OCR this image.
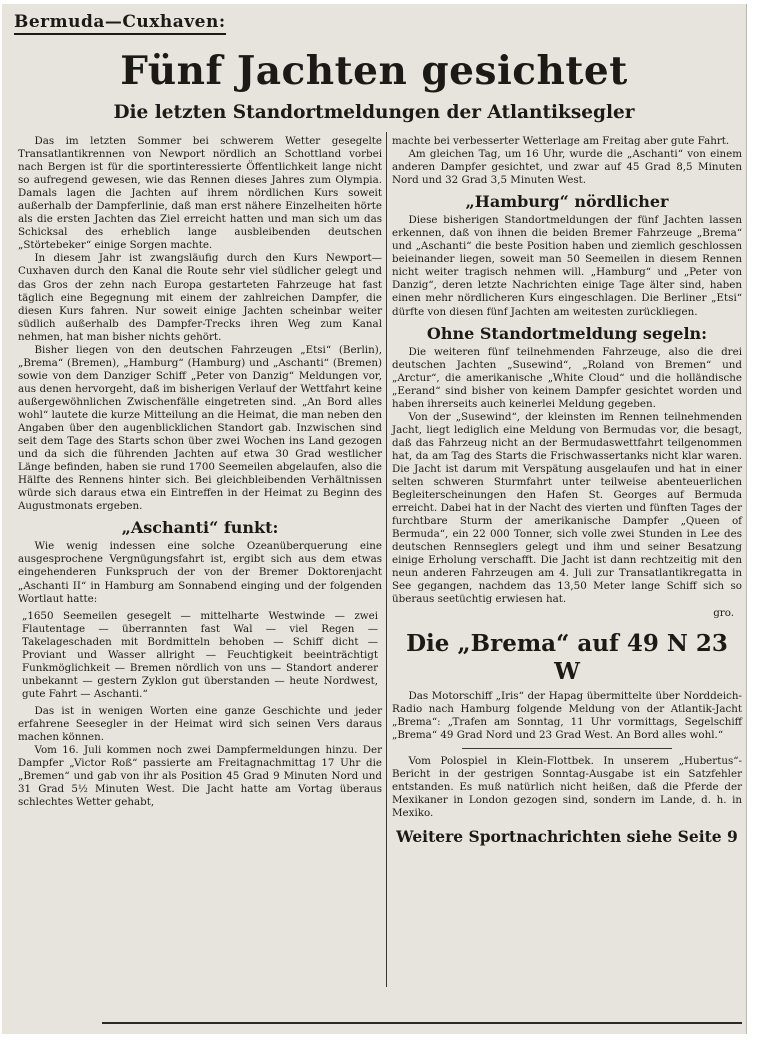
Bermuda—Cuxhaven:
Fünf Jachten gesichtet
Die letzten Standortmeldungen der Atlantiksegler

Das im letzten Sommer bei schwerem Wetter gesegelte Transatlantikrennen von Newport nördlich an Schottland vorbei nach Bergen ist für die sportinteressierte Öffentlichkeit lange nicht so aufregend gewesen, wie das Rennen dieses Jahres zum Olympia. Damals lagen die Jachten auf ihrem nördlichen Kurs soweit außerhalb der Dampferlinie, daß man erst nähere Einzelheiten hörte als die ersten Jachten das Ziel erreicht hatten und man sich um das Schicksal des erheblich lange ausbleibenden deutschen „Störtebeker“ einige Sorgen machte.

In diesem Jahr ist zwangsläufig durch den Kurs Newport—Cuxhaven durch den Kanal die Route sehr viel südlicher gelegt und das Gros der zehn nach Europa gestarteten Fahrzeuge hat fast täglich eine Begegnung mit einem der zahlreichen Dampfer, die diesen Kurs fahren. Nur soweit einige Jachten scheinbar weiter südlich außerhalb des Dampfer-Trecks ihren Weg zum Kanal nehmen, hat man bisher nichts gehört.

Bisher liegen von den deutschen Fahrzeugen „Etsi“ (Berlin), „Brema“ (Bremen), „Hamburg“ (Hamburg) und „Aschanti“ (Bremen) sowie von dem Danziger Schiff „Peter von Danzig“ Meldungen vor, aus denen hervorgeht, daß im bisherigen Verlauf der Wettfahrt keine außergewöhnlichen Zwischenfälle eingetreten sind. „An Bord alles wohl“ lautete die kurze Mitteilung an die Heimat, die man neben den Angaben über den augenblicklichen Standort gab. Inzwischen sind seit dem Tage des Starts schon über zwei Wochen ins Land gezogen und da sich die führenden Jachten auf etwa 30 Grad westlicher Länge befinden, haben sie rund 1700 Seemeilen abgelaufen, also die Hälfte des Rennens hinter sich. Bei gleichbleibenden Verhältnissen würde sich daraus etwa ein Eintreffen in der Heimat zu Beginn des Augustmonats ergeben.

„Aschanti“ funkt:

Wie wenig indessen eine solche Ozeanüberquerung eine ausgesprochene Vergnügungsfahrt ist, ergibt sich aus dem etwas eingehenderen Funkspruch der von der Bremer Doktorenjacht „Aschanti II“ in Hamburg am Sonnabend einging und der folgenden Wortlaut hatte:

„1650 Seemeilen gesegelt — mittelharte Westwinde — zwei Flautentage — überrannten fast Wal — viel Regen — Takelageschaden mit Bordmitteln behoben — Schiff dicht — Proviant und Wasser allright — Feuchtigkeit beeinträchtigt Funkmöglichkeit — Bremen nördlich von uns — Standort anderer unbekannt — gestern Zyklon gut überstanden — heute Nordwest, gute Fahrt — Aschanti.“

Das ist in wenigen Worten eine ganze Geschichte und jeder erfahrene Seesegler in der Heimat wird sich seinen Vers daraus machen können.

Vom 16. Juli kommen noch zwei Dampfermeldungen hinzu. Der Dampfer „Victor Roß“ passierte am Freitagnachmittag 17 Uhr die „Bremen“ und gab von ihr als Position 45 Grad 9 Minuten Nord und 31 Grad 5½ Minuten West. Die Jacht hatte am Vortag überaus schlechtes Wetter gehabt,

machte bei verbesserter Wetterlage am Freitag aber gute Fahrt.

Am gleichen Tag, um 16 Uhr, wurde die „Aschanti“ von einem anderen Dampfer gesichtet, und zwar auf 45 Grad 8,5 Minuten Nord und 32 Grad 3,5 Minuten West.

„Hamburg“ nördlicher

Diese bisherigen Standortmeldungen der fünf Jachten lassen erkennen, daß von ihnen die beiden Bremer Fahrzeuge „Brema“ und „Aschanti“ die beste Position haben und ziemlich geschlossen beieinander liegen, soweit man 50 Seemeilen in diesem Rennen nicht weiter tragisch nehmen will. „Hamburg“ und „Peter von Danzig“, deren letzte Nachrichten einige Tage älter sind, haben einen mehr nördlicheren Kurs eingeschlagen. Die Berliner „Etsi“ dürfte von diesen fünf Jachten am weitesten zurückliegen.

Ohne Standortmeldung segeln:

Die weiteren fünf teilnehmenden Fahrzeuge, also die drei deutschen Jachten „Susewind“, „Roland von Bremen“ und „Arctur“, die amerikanische „White Cloud“ und die holländische „Eerand“ sind bisher von keinem Dampfer gesichtet worden und haben ihrerseits auch keinerlei Meldung gegeben.

Von der „Susewind“, der kleinsten im Rennen teilnehmenden Jacht, liegt lediglich eine Meldung von Bermudas vor, die besagt, daß das Fahrzeug nicht an der Bermudaswettfahrt teilgenommen hat, da am Tag des Starts die Frischwassertanks nicht klar waren. Die Jacht ist darum mit Verspätung ausgelaufen und hat in einer selten schweren Sturmfahrt unter teilweise abenteuerlichen Begleiterscheinungen den Hafen St. Georges auf Bermuda erreicht. Dabei hat in der Nacht des vierten und fünften Tages der furchtbare Sturm der amerikanische Dampfer „Queen of Bermuda“, ein 22 000 Tonner, sich volle zwei Stunden in Lee des deutschen Rennseglers gelegt und ihm und seiner Besatzung einige Erholung verschafft. Die Jacht ist dann rechtzeitig mit den neun anderen Fahrzeugen am 4. Juli zur Transatlantikregatta in See gegangen, nachdem das 13,50 Meter lange Schiff sich so überaus seetüchtig erwiesen hat.

gro.
Die „Brema“ auf 49 N 23 W

Das Motorschiff „Iris“ der Hapag übermittelte über Norddeich-Radio nach Hamburg folgende Meldung von der Atlantik-Jacht „Brema“: „Trafen am Sonntag, 11 Uhr vormittags, Segelschiff „Brema“ 49 Grad Nord und 23 Grad West. An Bord alles wohl.“

Vom Polospiel in Klein-Flottbek. In unserem „Hubertus“-Bericht in der gestrigen Sonntag-Ausgabe ist ein Satzfehler entstanden. Es muß natürlich nicht heißen, daß die Pferde der Mexikaner in London gezogen sind, sondern im Lande, d. h. in Mexiko.

Weitere Sportnachrichten siehe Seite 9
